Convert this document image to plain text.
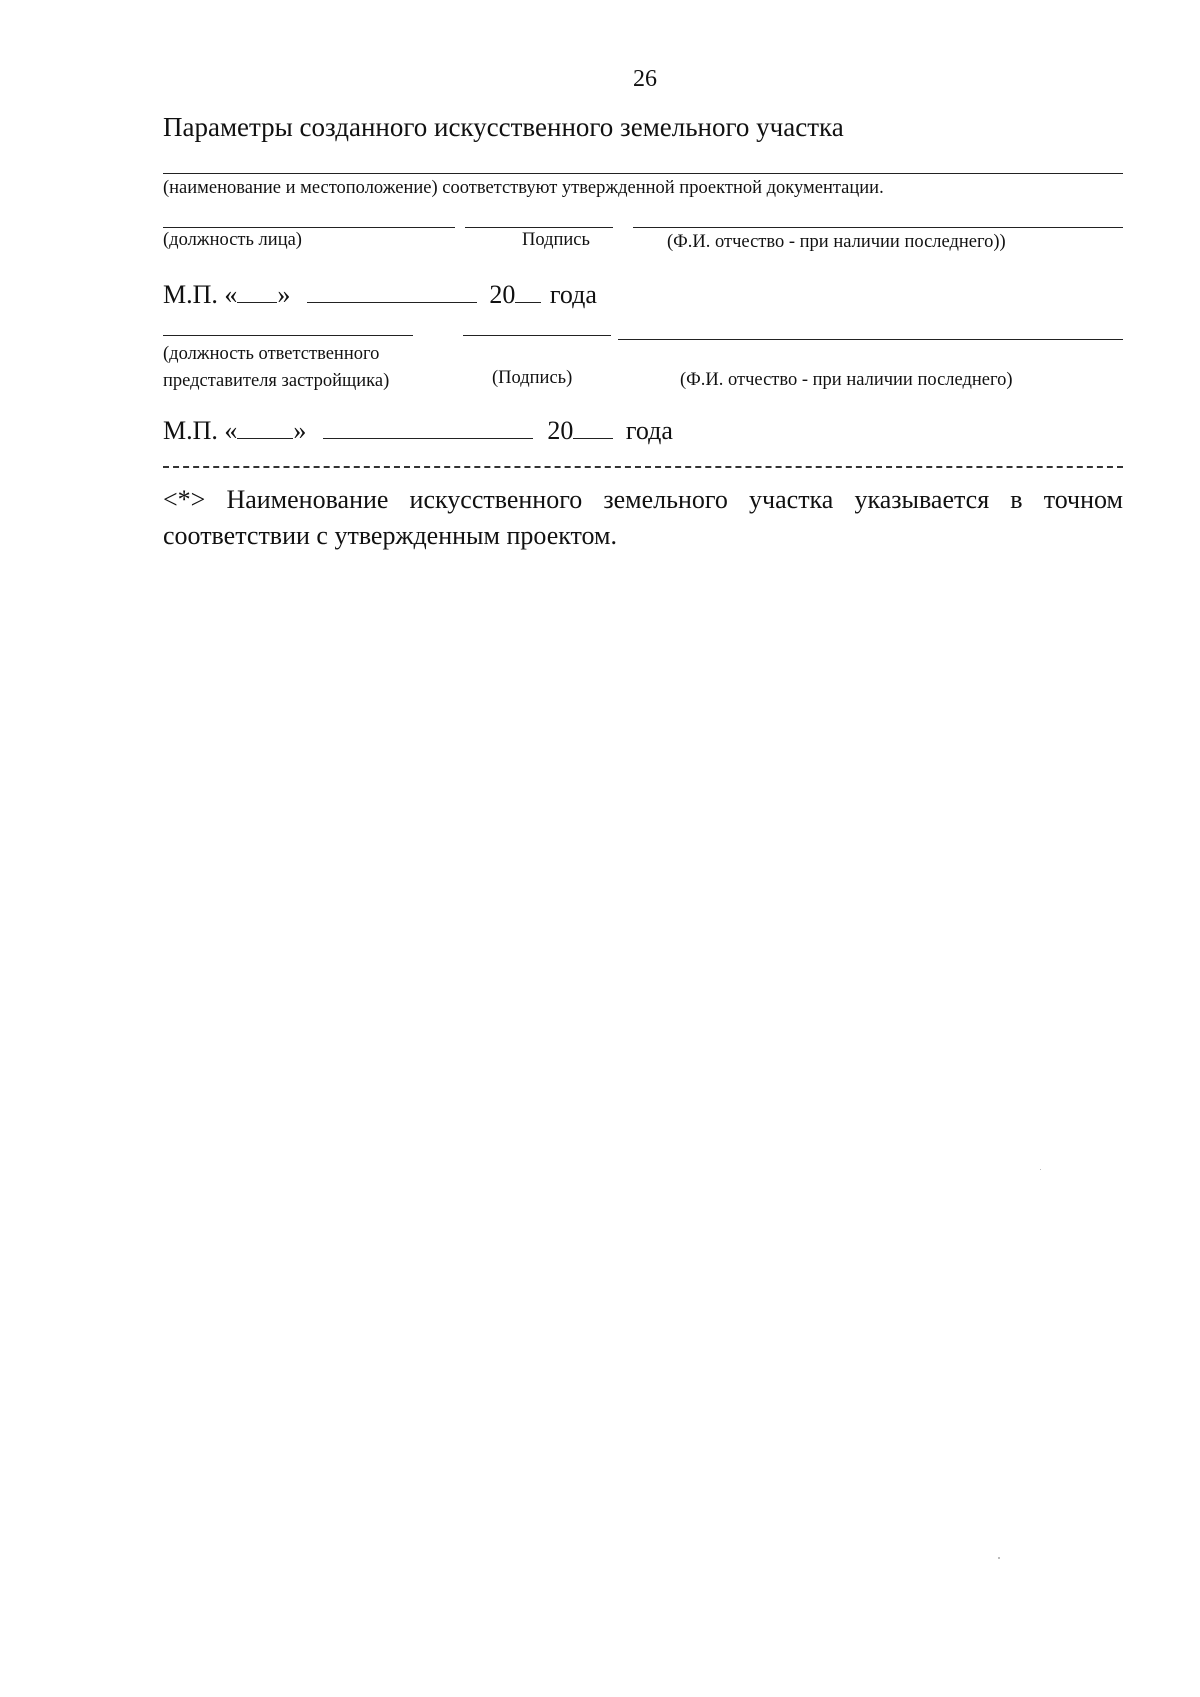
26
Параметры созданного искусственного земельного участка
(наименование и местоположение) соответствуют утвержденной проектной документации.
(должность лица)	Подпись	(Ф.И. отчество - при наличии последнего))
М.П. « »	20 года
(должность ответственного
представителя застройщика)	(Подпись)	(Ф.И. отчество - при наличии последнего)
М.П. « »	20 года
<*> Наименование искусственного земельного участка указывается в точном
соответствии с утвержденным проектом.
